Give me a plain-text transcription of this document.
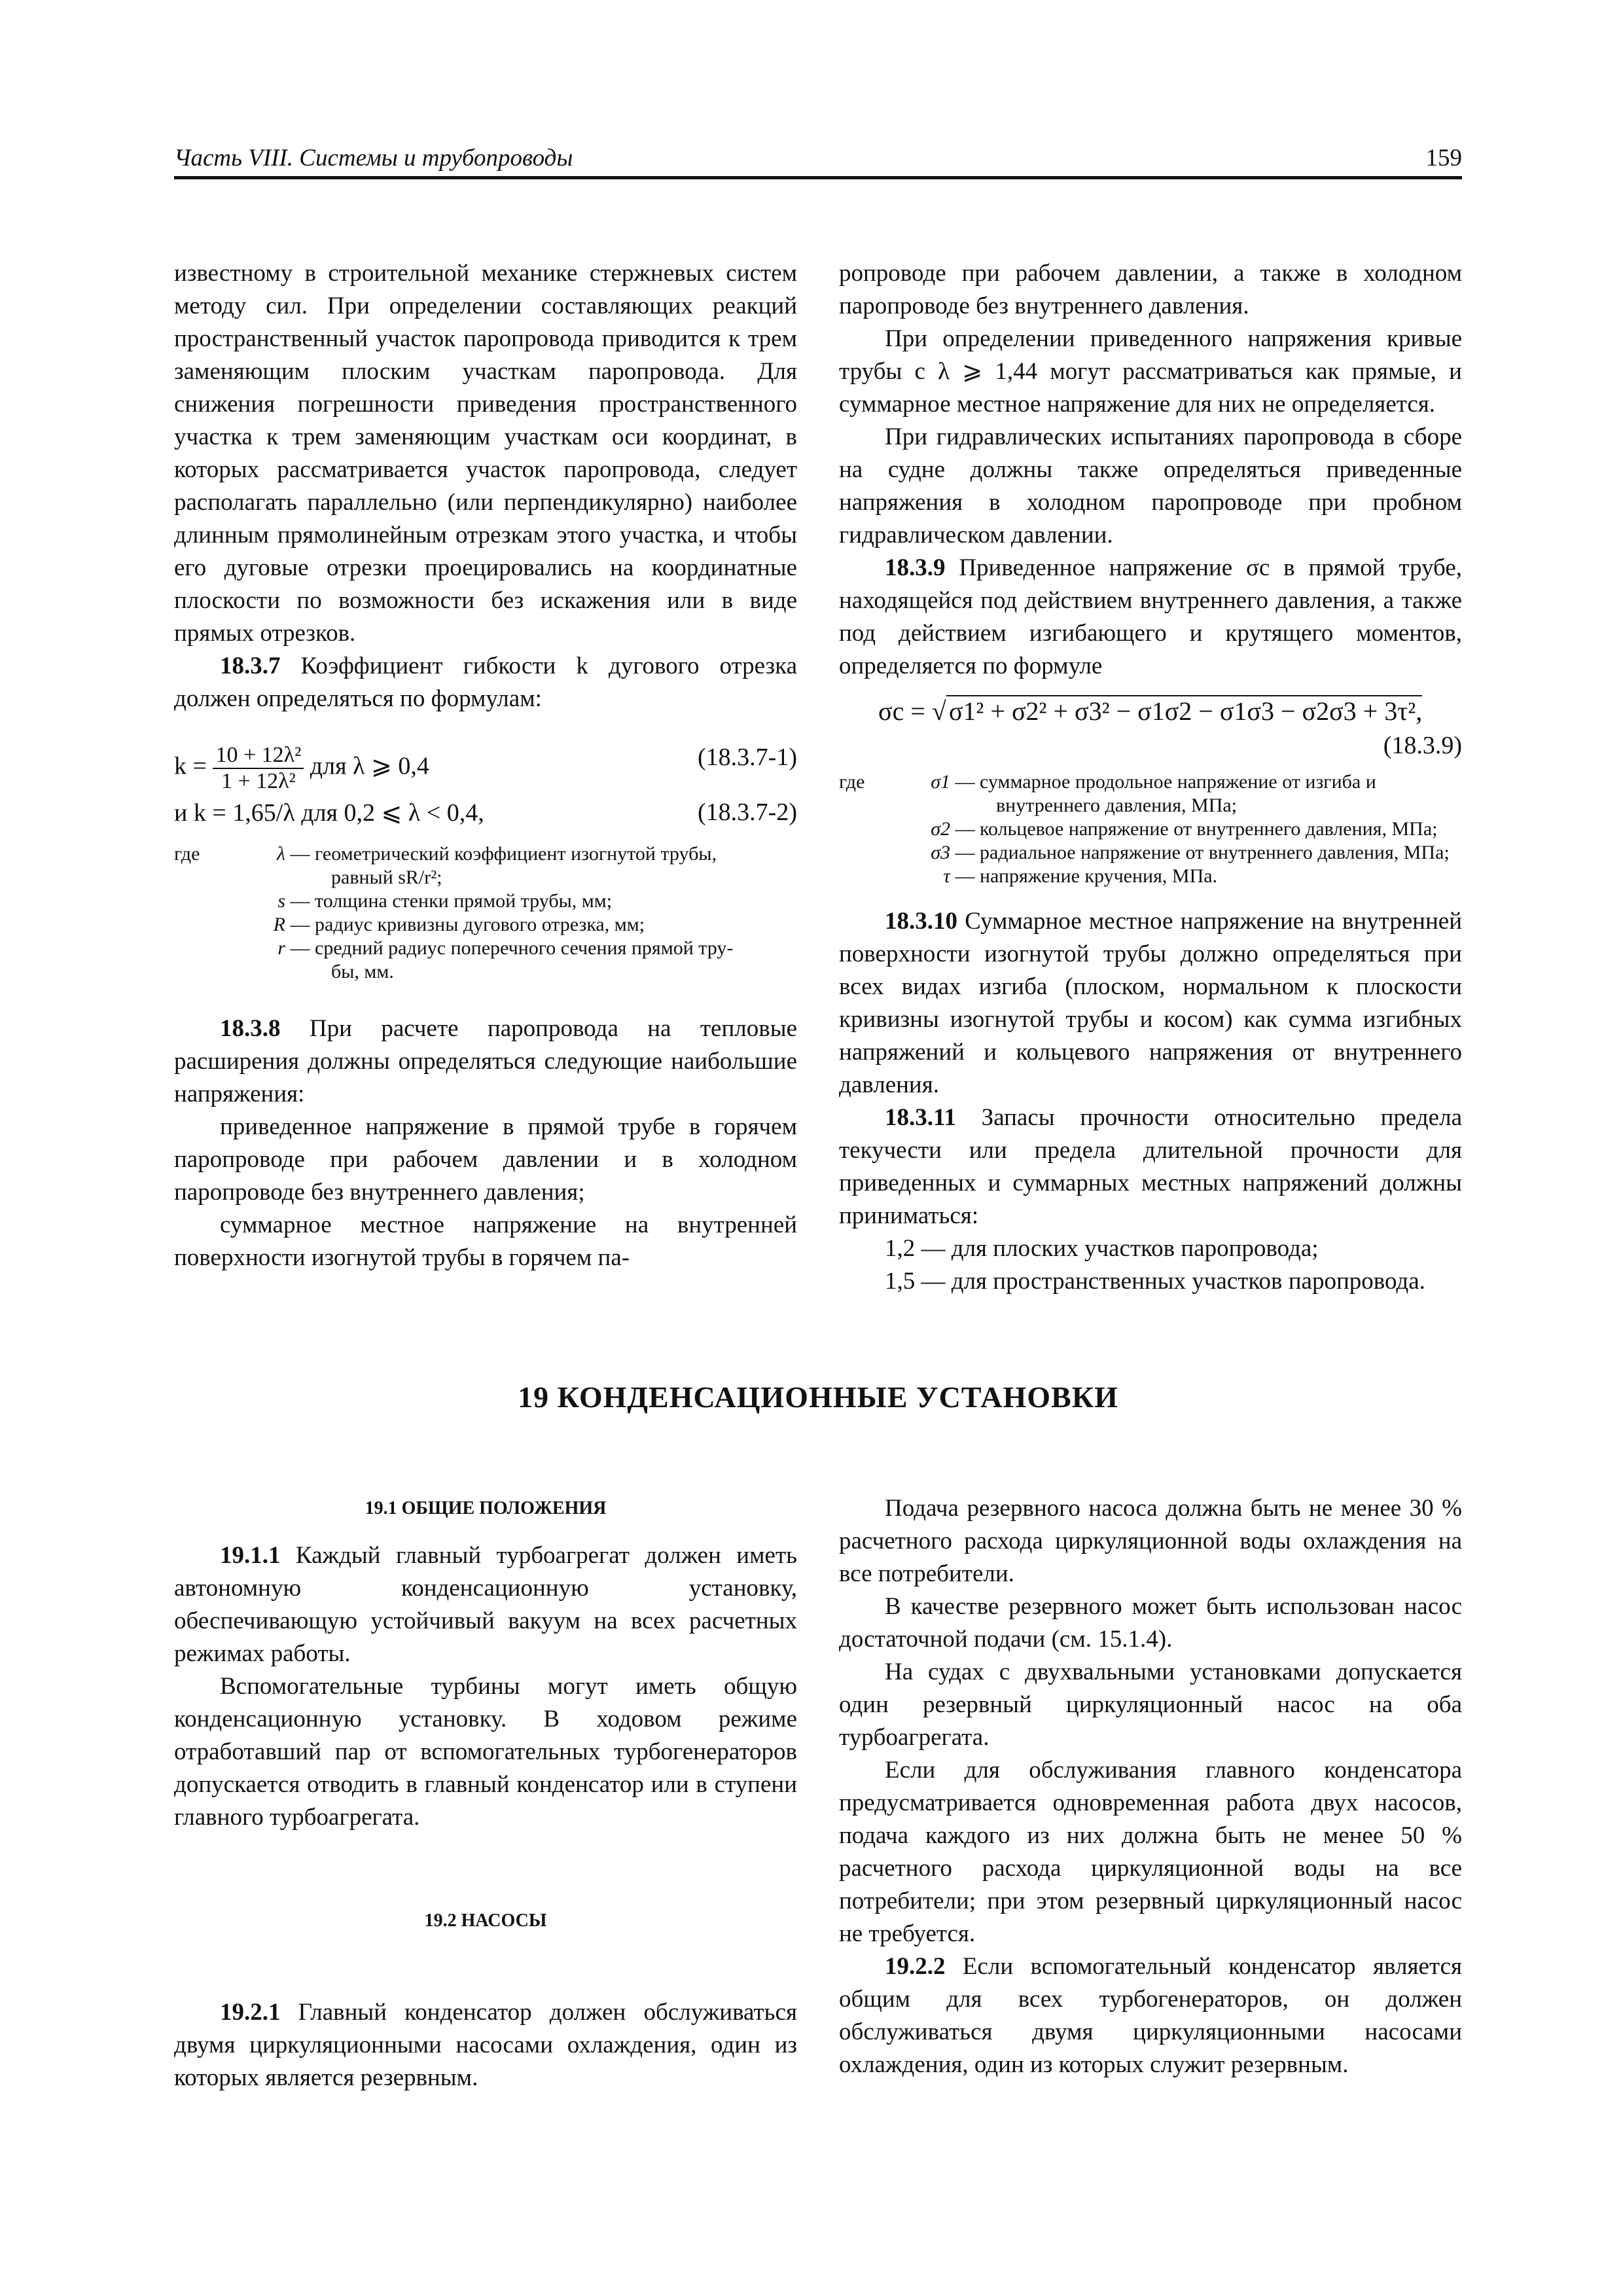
Часть VIII. Системы и трубопроводы	159

известному в строительной механике стержневых систем методу сил. При определении составляющих реакций пространственный участок паропровода приводится к трем заменяющим плоским участкам паропровода. Для снижения погрешности приведения пространственного участка к трем заменяющим участкам оси координат, в которых рассматривается участок паропровода, следует располагать параллельно (или перпендикулярно) наиболее длинным прямолинейным отрезкам этого участка, и чтобы его дуговые отрезки проецировались на координатные плоскости по возможности без искажения или в виде прямых отрезков.

18.3.7 Коэффициент гибкости k дугового отрезка должен определяться по формулам:

$k = \frac{\text{10 + 12λ²}}{\text{1 + 12λ²}}$ для λ ⩾ 0,4	(18.3.7-1)
и k = 1,65/λ для 0,2 ⩽ λ < 0,4,	(18.3.7-2)
где	λ — геометрический коэффициент изогнутой трубы,
равный sR/r²;
s — толщина стенки прямой трубы, мм;
R — радиус кривизны дугового отрезка, мм;
r — средний радиус поперечного сечения прямой тру-
бы, мм.

18.3.8 При расчете паропровода на тепловые расширения должны определяться следующие наибольшие напряжения:

приведенное напряжение в прямой трубе в горячем паропроводе при рабочем давлении и в холодном паропроводе без внутреннего давления;

суммарное местное напряжение на внутренней поверхности изогнутой трубы в горячем па-

ропроводе при рабочем давлении, а также в холодном паропроводе без внутреннего давления.

При определении приведенного напряжения кривые трубы с λ ⩾ 1,44 могут рассматриваться как прямые, и суммарное местное напряжение для них не определяется.

При гидравлических испытаниях паропровода в сборе на судне должны также определяться приведенные напряжения в холодном паропроводе при пробном гидравлическом давлении.

18.3.9 Приведенное напряжение σc в прямой трубе, находящейся под действием внутреннего давления, а также под действием изгибающего и крутящего моментов, определяется по формуле

σc = √ σ1² + σ2² + σ3² − σ1σ2 − σ1σ3 − σ2σ3 + 3τ²,
(18.3.9)
где	σ1 — суммарное продольное напряжение от изгиба и
внутреннего давления, МПа;
σ2 — кольцевое напряжение от внутреннего давления, МПа;
σ3 — радиальное напряжение от внутреннего давления, МПа;
τ — напряжение кручения, МПа.

18.3.10 Суммарное местное напряжение на внутренней поверхности изогнутой трубы должно определяться при всех видах изгиба (плоском, нормальном к плоскости кривизны изогнутой трубы и косом) как сумма изгибных напряжений и кольцевого напряжения от внутреннего давления.

18.3.11 Запасы прочности относительно предела текучести или предела длительной прочности для приведенных и суммарных местных напряжений должны приниматься:

1,2 — для плоских участков паропровода;

1,5 — для пространственных участков паропровода.

19 КОНДЕНСАЦИОННЫЕ УСТАНОВКИ

19.1 ОБЩИЕ ПОЛОЖЕНИЯ

19.1.1 Каждый главный турбоагрегат должен иметь автономную конденсационную установку, обеспечивающую устойчивый вакуум на всех расчетных режимах работы.

Вспомогательные турбины могут иметь общую конденсационную установку. В ходовом режиме отработавший пар от вспомогательных турбогенераторов допускается отводить в главный конденсатор или в ступени главного турбоагрегата.

19.2 НАСОСЫ

19.2.1 Главный конденсатор должен обслуживаться двумя циркуляционными насосами охлаждения, один из которых является резервным.

Подача резервного насоса должна быть не менее 30 % расчетного расхода циркуляционной воды охлаждения на все потребители.

В качестве резервного может быть использован насос достаточной подачи (см. 15.1.4).

На судах с двухвальными установками допускается один резервный циркуляционный насос на оба турбоагрегата.

Если для обслуживания главного конденсатора предусматривается одновременная работа двух насосов, подача каждого из них должна быть не менее 50 % расчетного расхода циркуляционной воды на все потребители; при этом резервный циркуляционный насос не требуется.

19.2.2 Если вспомогательный конденсатор является общим для всех турбогенераторов, он должен обслуживаться двумя циркуляционными насосами охлаждения, один из которых служит резервным.
